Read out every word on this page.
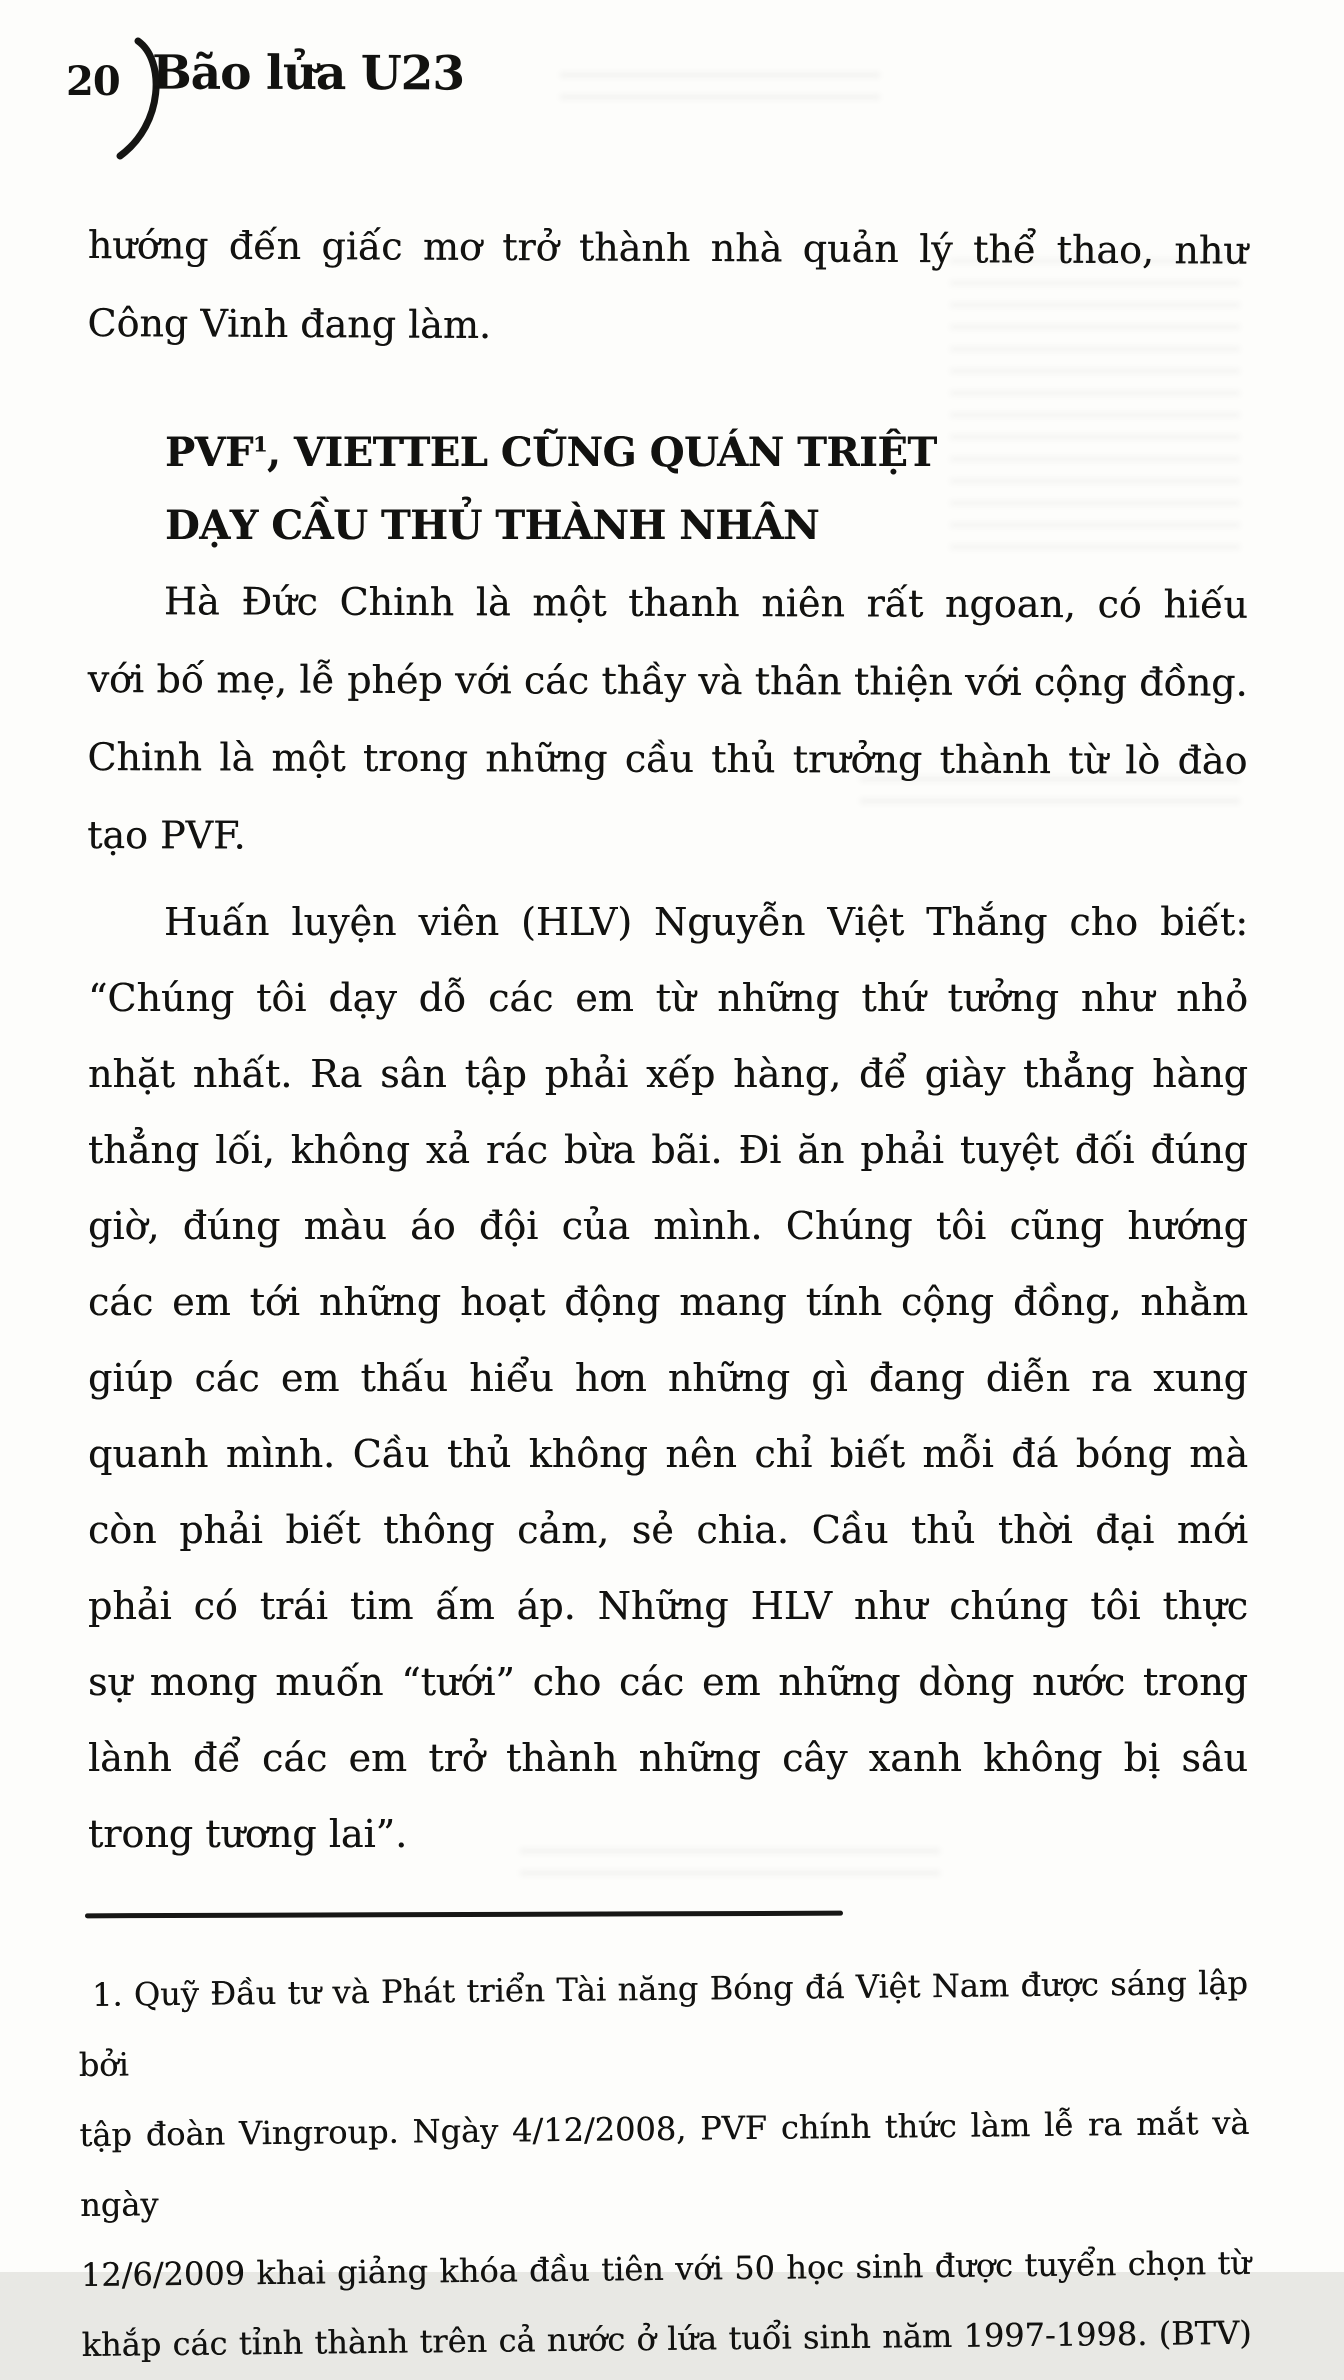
20 Bão lửa U23
hướng đến giấc mơ trở thành nhà quản lý thể thao, như
Công Vinh đang làm.
PVF$^1$, VIETTEL CŨNG QUÁN TRIỆT
DẠY CẦU THỦ THÀNH NHÂN
Hà Đức Chinh là một thanh niên rất ngoan, có hiếu
với bố mẹ, lễ phép với các thầy và thân thiện với cộng đồng.
Chinh là một trong những cầu thủ trưởng thành từ lò đào
tạo PVF.
Huấn luyện viên (HLV) Nguyễn Việt Thắng cho biết:
“Chúng tôi dạy dỗ các em từ những thứ tưởng như nhỏ
nhặt nhất. Ra sân tập phải xếp hàng, để giày thẳng hàng
thẳng lối, không xả rác bừa bãi. Đi ăn phải tuyệt đối đúng
giờ, đúng màu áo đội của mình. Chúng tôi cũng hướng
các em tới những hoạt động mang tính cộng đồng, nhằm
giúp các em thấu hiểu hơn những gì đang diễn ra xung
quanh mình. Cầu thủ không nên chỉ biết mỗi đá bóng mà
còn phải biết thông cảm, sẻ chia. Cầu thủ thời đại mới
phải có trái tim ấm áp. Những HLV như chúng tôi thực
sự mong muốn “tưới” cho các em những dòng nước trong
lành để các em trở thành những cây xanh không bị sâu
trong tương lai”.
1. Quỹ Đầu tư và Phát triển Tài năng Bóng đá Việt Nam được sáng lập bởi
tập đoàn Vingroup. Ngày 4/12/2008, PVF chính thức làm lễ ra mắt và ngày
12/6/2009 khai giảng khóa đầu tiên với 50 học sinh được tuyển chọn từ
khắp các tỉnh thành trên cả nước ở lứa tuổi sinh năm 1997-1998. (BTV)
